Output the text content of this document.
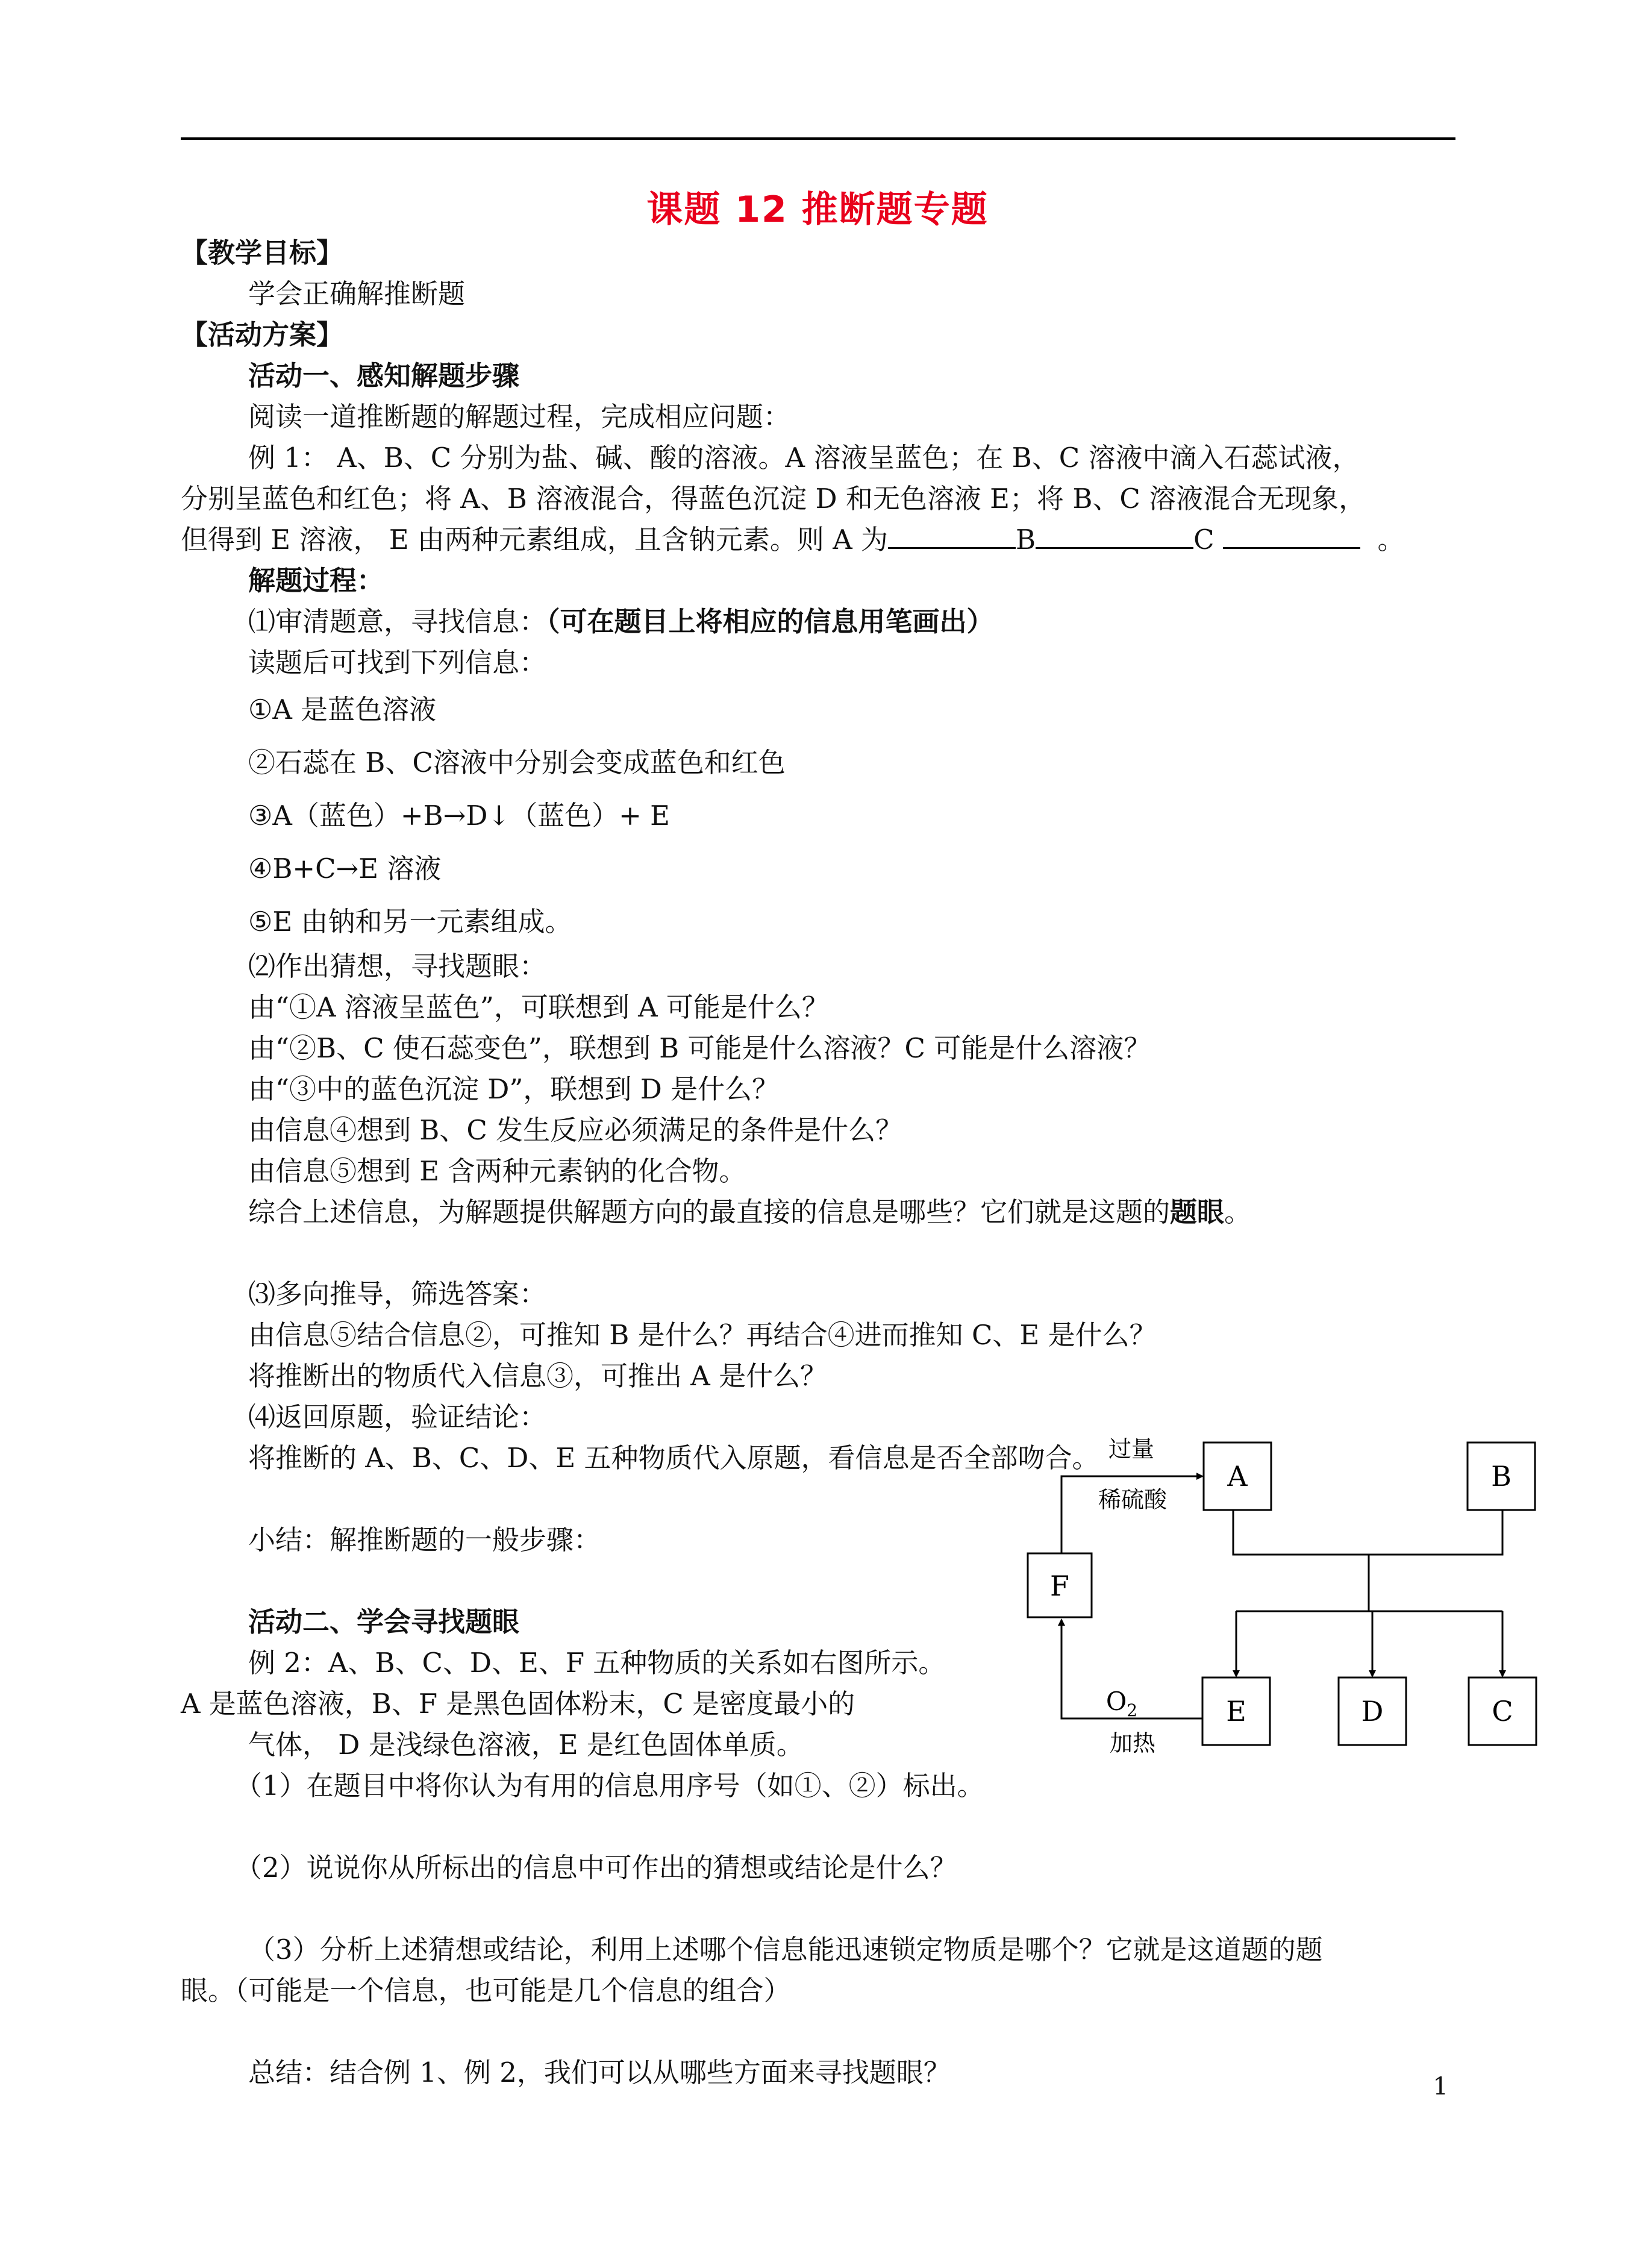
课题 12 推断题专题
【教学目标】
学会正确解推断题
【活动方案】
活动一、感知解题步骤
阅读一道推断题的解题过程，完成相应问题：
例 1： A、B、C 分别为盐、碱、酸的溶液。A 溶液呈蓝色；在 B、C 溶液中滴入石蕊试液，
分别呈蓝色和红色；将 A、B 溶液混合，得蓝色沉淀 D 和无色溶液 E；将 B、C 溶液混合无现象，
但得到 E 溶液， E 由两种元素组成，且含钠元素。则 A 为	B	C	。
解题过程：
⑴审清题意，寻找信息：（可在题目上将相应的信息用笔画出）
读题后可找到下列信息：
①A 是蓝色溶液
②石蕊在 B、C溶液中分别会变成蓝色和红色
③A（蓝色）+B→D↓（蓝色）+ E
④B+C→E 溶液
⑤E 由钠和另一元素组成。
⑵作出猜想，寻找题眼：
由“①A 溶液呈蓝色”，可联想到 A 可能是什么？
由“②B、C 使石蕊变色”，联想到 B 可能是什么溶液？C 可能是什么溶液？
由“③中的蓝色沉淀 D”，联想到 D 是什么？
由信息④想到 B、C 发生反应必须满足的条件是什么？
由信息⑤想到 E 含两种元素钠的化合物。
综合上述信息，为解题提供解题方向的最直接的信息是哪些？它们就是这题的题眼。
⑶多向推导，筛选答案：
由信息⑤结合信息②，可推知 B 是什么？再结合④进而推知 C、E 是什么？
将推断出的物质代入信息③，可推出 A 是什么？
⑷返回原题，验证结论：
将推断的 A、B、C、D、E 五种物质代入原题，看信息是否全部吻合。
小结：解推断题的一般步骤：
活动二、学会寻找题眼
例 2：A、B、C、D、E、F 五种物质的关系如右图所示。
A 是蓝色溶液，B、F 是黑色固体粉末，C 是密度最小的
气体， D 是浅绿色溶液，E 是红色固体单质。
（1）在题目中将你认为有用的信息用序号（如①、②）标出。
（2）说说你从所标出的信息中可作出的猜想或结论是什么？
（3）分析上述猜想或结论，利用上述哪个信息能迅速锁定物质是哪个？它就是这道题的题
眼。（可能是一个信息，也可能是几个信息的组合）
总结：结合例 1、例 2，我们可以从哪些方面来寻找题眼？
A	B
F
E	D	C
过量
稀硫酸
加热
$O_2$
1
